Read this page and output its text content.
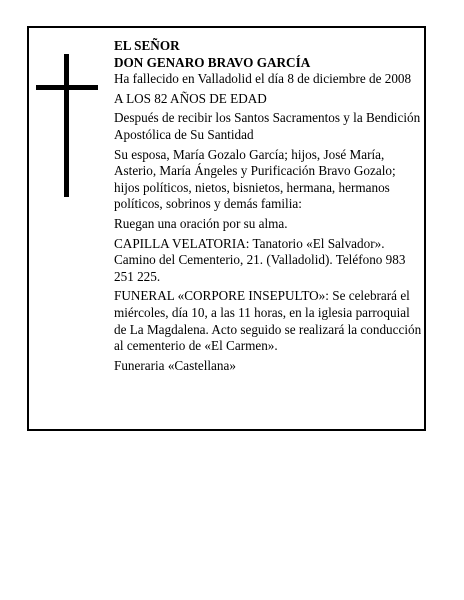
EL SEÑOR

DON GENARO BRAVO GARCÍA

Ha fallecido en Valladolid el día 8 de diciembre de 2008

A LOS 82 AÑOS DE EDAD

Después de recibir los Santos Sacramentos y la Bendición Apostólica de Su Santidad

Su esposa, María Gozalo García; hijos, José María, Asterio, María Ángeles y Purificación Bravo Gozalo; hijos políticos, nietos, bisnietos, hermana, hermanos políticos, sobrinos y demás familia:

Ruegan una oración por su alma.

CAPILLA VELATORIA: Tanatorio «El Salvador». Camino del Cementerio, 21. (Valladolid). Teléfono 983 251 225.

FUNERAL «CORPORE INSEPULTO»: Se celebrará el miércoles, día 10, a las 11 horas, en la iglesia parroquial de La Magdalena. Acto seguido se realizará la conducción al cementerio de «El Carmen».

Funeraria «Castellana»
